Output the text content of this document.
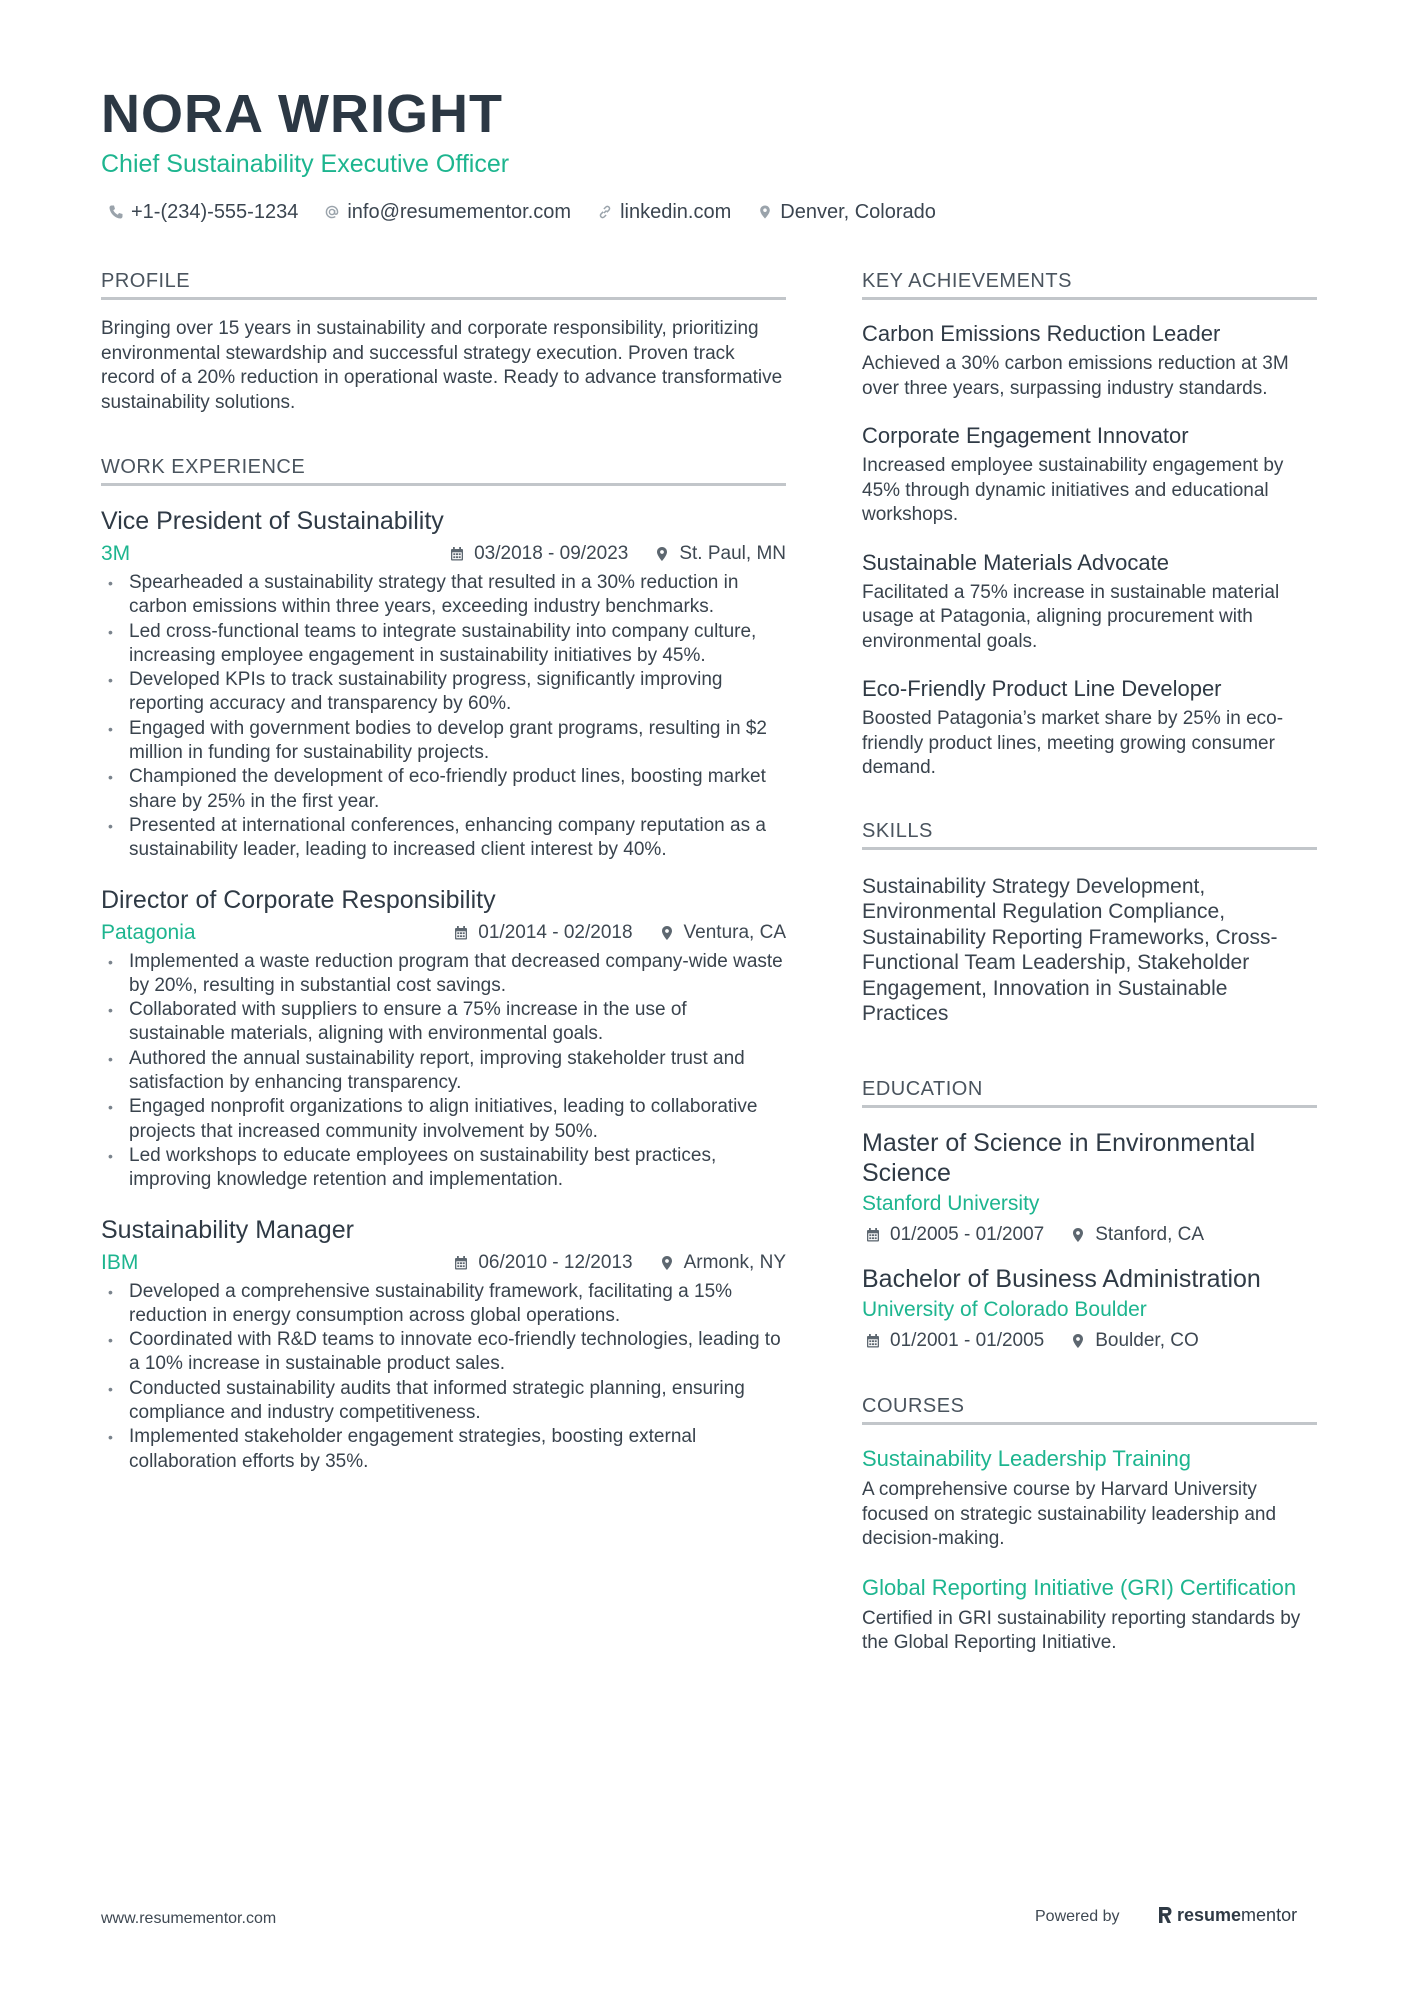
NORA WRIGHT
Chief Sustainability Executive Officer
+1-(234)-555-1234 info@resumementor.com linkedin.com Denver, Colorado
PROFILE
Bringing over 15 years in sustainability and corporate responsibility, prioritizing environmental stewardship and successful strategy execution. Proven track record of a 20% reduction in operational waste. Ready to advance transformative sustainability solutions.
WORK EXPERIENCE
Vice President of Sustainability
3M	03/2018 - 09/2023	St. Paul, MN
• Spearheaded a sustainability strategy that resulted in a 30% reduction in carbon emissions within three years, exceeding industry benchmarks.
• Led cross-functional teams to integrate sustainability into company culture, increasing employee engagement in sustainability initiatives by 45%.
• Developed KPIs to track sustainability progress, significantly improving reporting accuracy and transparency by 60%.
• Engaged with government bodies to develop grant programs, resulting in $2 million in funding for sustainability projects.
• Championed the development of eco-friendly product lines, boosting market share by 25% in the first year.
• Presented at international conferences, enhancing company reputation as a sustainability leader, leading to increased client interest by 40%.
Director of Corporate Responsibility
Patagonia	01/2014 - 02/2018	Ventura, CA
• Implemented a waste reduction program that decreased company-wide waste by 20%, resulting in substantial cost savings.
• Collaborated with suppliers to ensure a 75% increase in the use of sustainable materials, aligning with environmental goals.
• Authored the annual sustainability report, improving stakeholder trust and satisfaction by enhancing transparency.
• Engaged nonprofit organizations to align initiatives, leading to collaborative projects that increased community involvement by 50%.
• Led workshops to educate employees on sustainability best practices, improving knowledge retention and implementation.
Sustainability Manager
IBM	06/2010 - 12/2013	Armonk, NY
• Developed a comprehensive sustainability framework, facilitating a 15% reduction in energy consumption across global operations.
• Coordinated with R&D teams to innovate eco-friendly technologies, leading to a 10% increase in sustainable product sales.
• Conducted sustainability audits that informed strategic planning, ensuring compliance and industry competitiveness.
• Implemented stakeholder engagement strategies, boosting external collaboration efforts by 35%.
KEY ACHIEVEMENTS
Carbon Emissions Reduction Leader
Achieved a 30% carbon emissions reduction at 3M over three years, surpassing industry standards.
Corporate Engagement Innovator
Increased employee sustainability engagement by 45% through dynamic initiatives and educational workshops.
Sustainable Materials Advocate
Facilitated a 75% increase in sustainable material usage at Patagonia, aligning procurement with environmental goals.
Eco-Friendly Product Line Developer
Boosted Patagonia’s market share by 25% in eco-friendly product lines, meeting growing consumer demand.
SKILLS
Sustainability Strategy Development, Environmental Regulation Compliance, Sustainability Reporting Frameworks, Cross-Functional Team Leadership, Stakeholder Engagement, Innovation in Sustainable Practices
EDUCATION
Master of Science in Environmental Science
Stanford University
01/2005 - 01/2007	Stanford, CA
Bachelor of Business Administration
University of Colorado Boulder
01/2001 - 01/2005	Boulder, CO
COURSES
Sustainability Leadership Training
A comprehensive course by Harvard University focused on strategic sustainability leadership and decision-making.
Global Reporting Initiative (GRI) Certification
Certified in GRI sustainability reporting standards by the Global Reporting Initiative.
www.resumementor.com	Powered by	resume mentor
